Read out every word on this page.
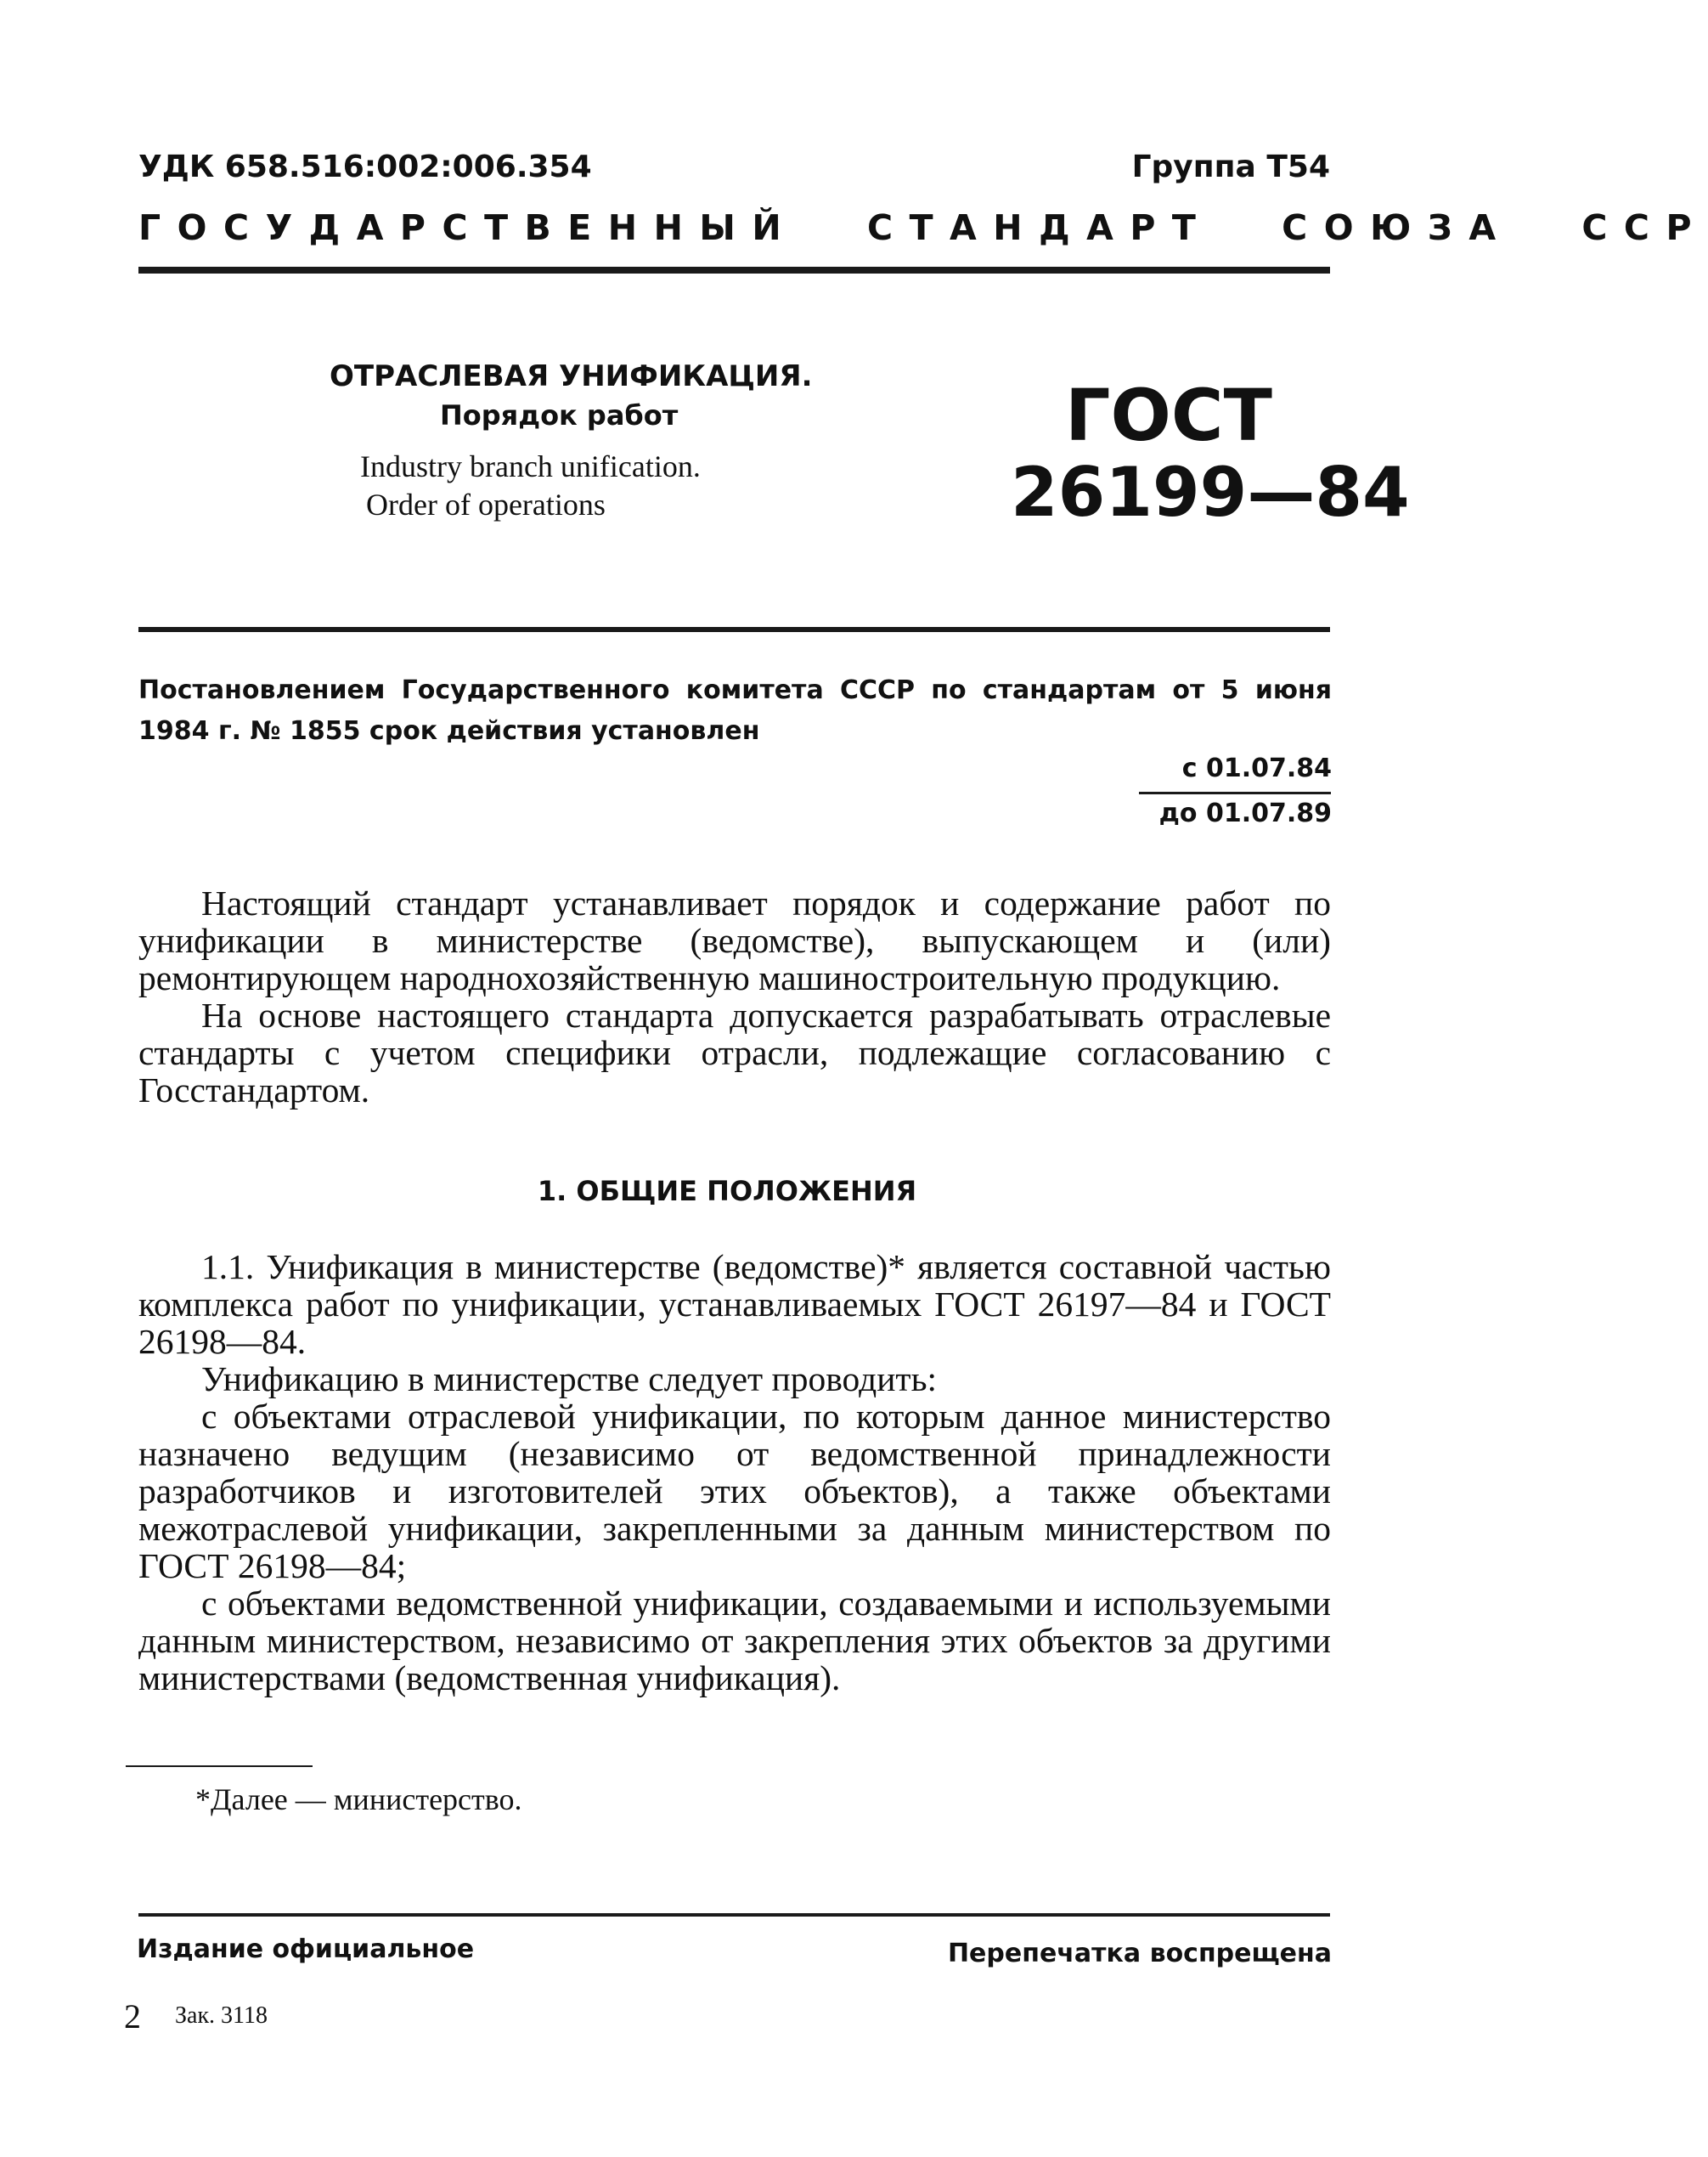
УДК 658.516:002:006.354	Группа Т54
ГОСУДАРСТВЕННЫЙ СТАНДАРТ СОЮЗА ССР
ОТРАСЛЕВАЯ УНИФИКАЦИЯ.
Порядок работ
Industry branch unification.
Order of operations
ГОСТ
26199—84
Постановлением Государственного комитета СССР по стандартам от 5 июня 1984 г. № 1855 срок действия установлен
с 01.07.84
до 01.07.89

Настоящий стандарт устанавливает порядок и содержание работ по унификации в министерстве (ведомстве), выпускающем и (или) ремонтирующем народнохозяйственную машиностроительную продукцию.

На основе настоящего стандарта допускается разрабатывать отраслевые стандарты с учетом специфики отрасли, подлежащие согласованию с Госстандартом.

1. ОБЩИЕ ПОЛОЖЕНИЯ

1.1. Унификация в министерстве (ведомстве)* является составной частью комплекса работ по унификации, устанавливаемых ГОСТ 26197—84 и ГОСТ 26198—84.

Унификацию в министерстве следует проводить:

с объектами отраслевой унификации, по которым данное министерство назначено ведущим (независимо от ведомственной принадлежности разработчиков и изготовителей этих объектов), а также объектами межотраслевой унификации, закрепленными за данным министерством по ГОСТ 26198—84;

с объектами ведомственной унификации, создаваемыми и используемыми данным министерством, независимо от закрепления этих объектов за другими министерствами (ведомственная унификация).

*Далее — министерство.
Издание официальное	Перепечатка воспрещена
2 Зак. 3118
